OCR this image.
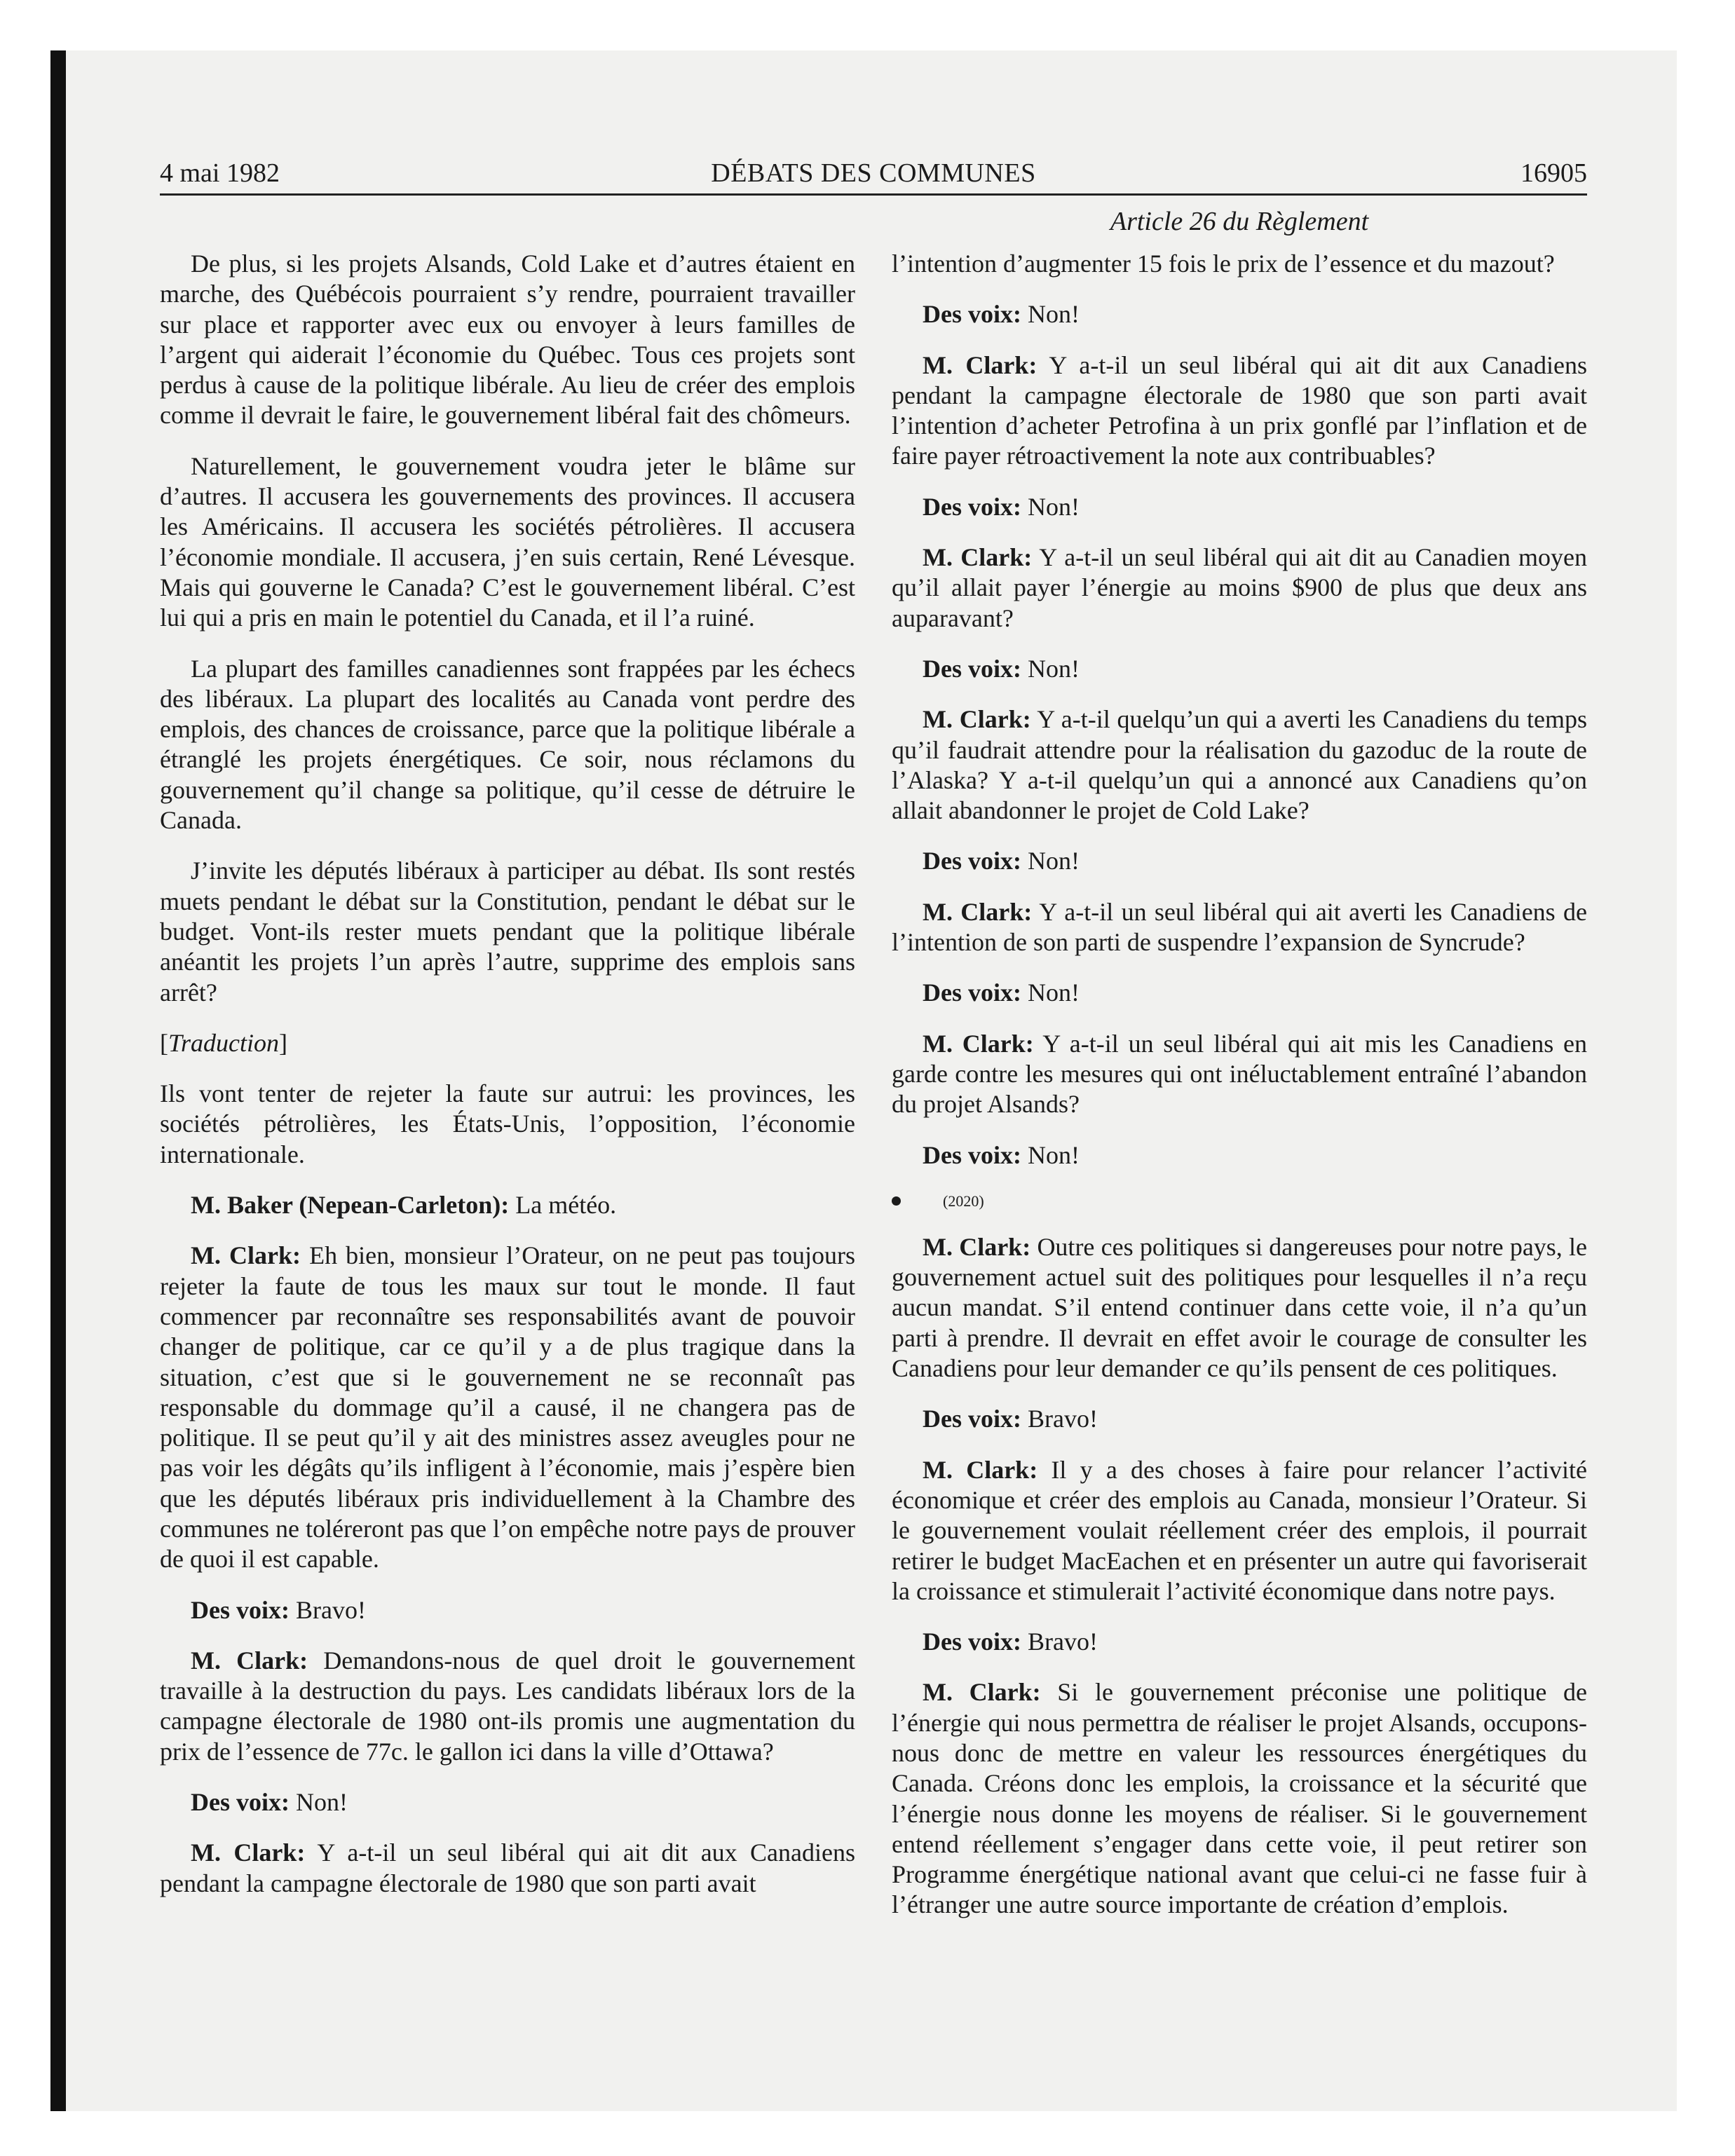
4 mai 1982	DÉBATS DES COMMUNES	16905
Article 26 du Règlement

De plus, si les projets Alsands, Cold Lake et d’autres étaient en marche, des Québécois pourraient s’y rendre, pourraient travailler sur place et rapporter avec eux ou envoyer à leurs familles de l’argent qui aiderait l’économie du Québec. Tous ces projets sont perdus à cause de la politique libérale. Au lieu de créer des emplois comme il devrait le faire, le gouvernement libéral fait des chômeurs.

Naturellement, le gouvernement voudra jeter le blâme sur d’autres. Il accusera les gouvernements des provinces. Il accusera les Américains. Il accusera les sociétés pétrolières. Il accusera l’économie mondiale. Il accusera, j’en suis certain, René Lévesque. Mais qui gouverne le Canada? C’est le gouvernement libéral. C’est lui qui a pris en main le potentiel du Canada, et il l’a ruiné.

La plupart des familles canadiennes sont frappées par les échecs des libéraux. La plupart des localités au Canada vont perdre des emplois, des chances de croissance, parce que la politique libérale a étranglé les projets énergétiques. Ce soir, nous réclamons du gouvernement qu’il change sa politique, qu’il cesse de détruire le Canada.

J’invite les députés libéraux à participer au débat. Ils sont restés muets pendant le débat sur la Constitution, pendant le débat sur le budget. Vont-ils rester muets pendant que la politique libérale anéantit les projets l’un après l’autre, supprime des emplois sans arrêt?

[Traduction]

Ils vont tenter de rejeter la faute sur autrui: les provinces, les sociétés pétrolières, les États-Unis, l’opposition, l’économie internationale.

M. Baker (Nepean-Carleton): La météo.

M. Clark: Eh bien, monsieur l’Orateur, on ne peut pas toujours rejeter la faute de tous les maux sur tout le monde. Il faut commencer par reconnaître ses responsabilités avant de pouvoir changer de politique, car ce qu’il y a de plus tragique dans la situation, c’est que si le gouvernement ne se reconnaît pas responsable du dommage qu’il a causé, il ne changera pas de politique. Il se peut qu’il y ait des ministres assez aveugles pour ne pas voir les dégâts qu’ils infligent à l’économie, mais j’espère bien que les députés libéraux pris individuellement à la Chambre des communes ne toléreront pas que l’on empêche notre pays de prouver de quoi il est capable.

Des voix: Bravo!

M. Clark: Demandons-nous de quel droit le gouvernement travaille à la destruction du pays. Les candidats libéraux lors de la campagne électorale de 1980 ont-ils promis une augmentation du prix de l’essence de 77c. le gallon ici dans la ville d’Ottawa?

Des voix: Non!

M. Clark: Y a-t-il un seul libéral qui ait dit aux Canadiens pendant la campagne électorale de 1980 que son parti avait

l’intention d’augmenter 15 fois le prix de l’essence et du mazout?

Des voix: Non!

M. Clark: Y a-t-il un seul libéral qui ait dit aux Canadiens pendant la campagne électorale de 1980 que son parti avait l’intention d’acheter Petrofina à un prix gonflé par l’inflation et de faire payer rétroactivement la note aux contribuables?

Des voix: Non!

M. Clark: Y a-t-il un seul libéral qui ait dit au Canadien moyen qu’il allait payer l’énergie au moins $900 de plus que deux ans auparavant?

Des voix: Non!

M. Clark: Y a-t-il quelqu’un qui a averti les Canadiens du temps qu’il faudrait attendre pour la réalisation du gazoduc de la route de l’Alaska? Y a-t-il quelqu’un qui a annoncé aux Canadiens qu’on allait abandonner le projet de Cold Lake?

Des voix: Non!

M. Clark: Y a-t-il un seul libéral qui ait averti les Canadiens de l’intention de son parti de suspendre l’expansion de Syncrude?

Des voix: Non!

M. Clark: Y a-t-il un seul libéral qui ait mis les Canadiens en garde contre les mesures qui ont inéluctablement entraîné l’abandon du projet Alsands?

Des voix: Non!

(2020)

M. Clark: Outre ces politiques si dangereuses pour notre pays, le gouvernement actuel suit des politiques pour lesquelles il n’a reçu aucun mandat. S’il entend continuer dans cette voie, il n’a qu’un parti à prendre. Il devrait en effet avoir le courage de consulter les Canadiens pour leur demander ce qu’ils pensent de ces politiques.

Des voix: Bravo!

M. Clark: Il y a des choses à faire pour relancer l’activité économique et créer des emplois au Canada, monsieur l’Orateur. Si le gouvernement voulait réellement créer des emplois, il pourrait retirer le budget MacEachen et en présenter un autre qui favoriserait la croissance et stimulerait l’activité économique dans notre pays.

Des voix: Bravo!

M. Clark: Si le gouvernement préconise une politique de l’énergie qui nous permettra de réaliser le projet Alsands, occupons-nous donc de mettre en valeur les ressources énergétiques du Canada. Créons donc les emplois, la croissance et la sécurité que l’énergie nous donne les moyens de réaliser. Si le gouvernement entend réellement s’engager dans cette voie, il peut retirer son Programme énergétique national avant que celui-ci ne fasse fuir à l’étranger une autre source importante de création d’emplois.
